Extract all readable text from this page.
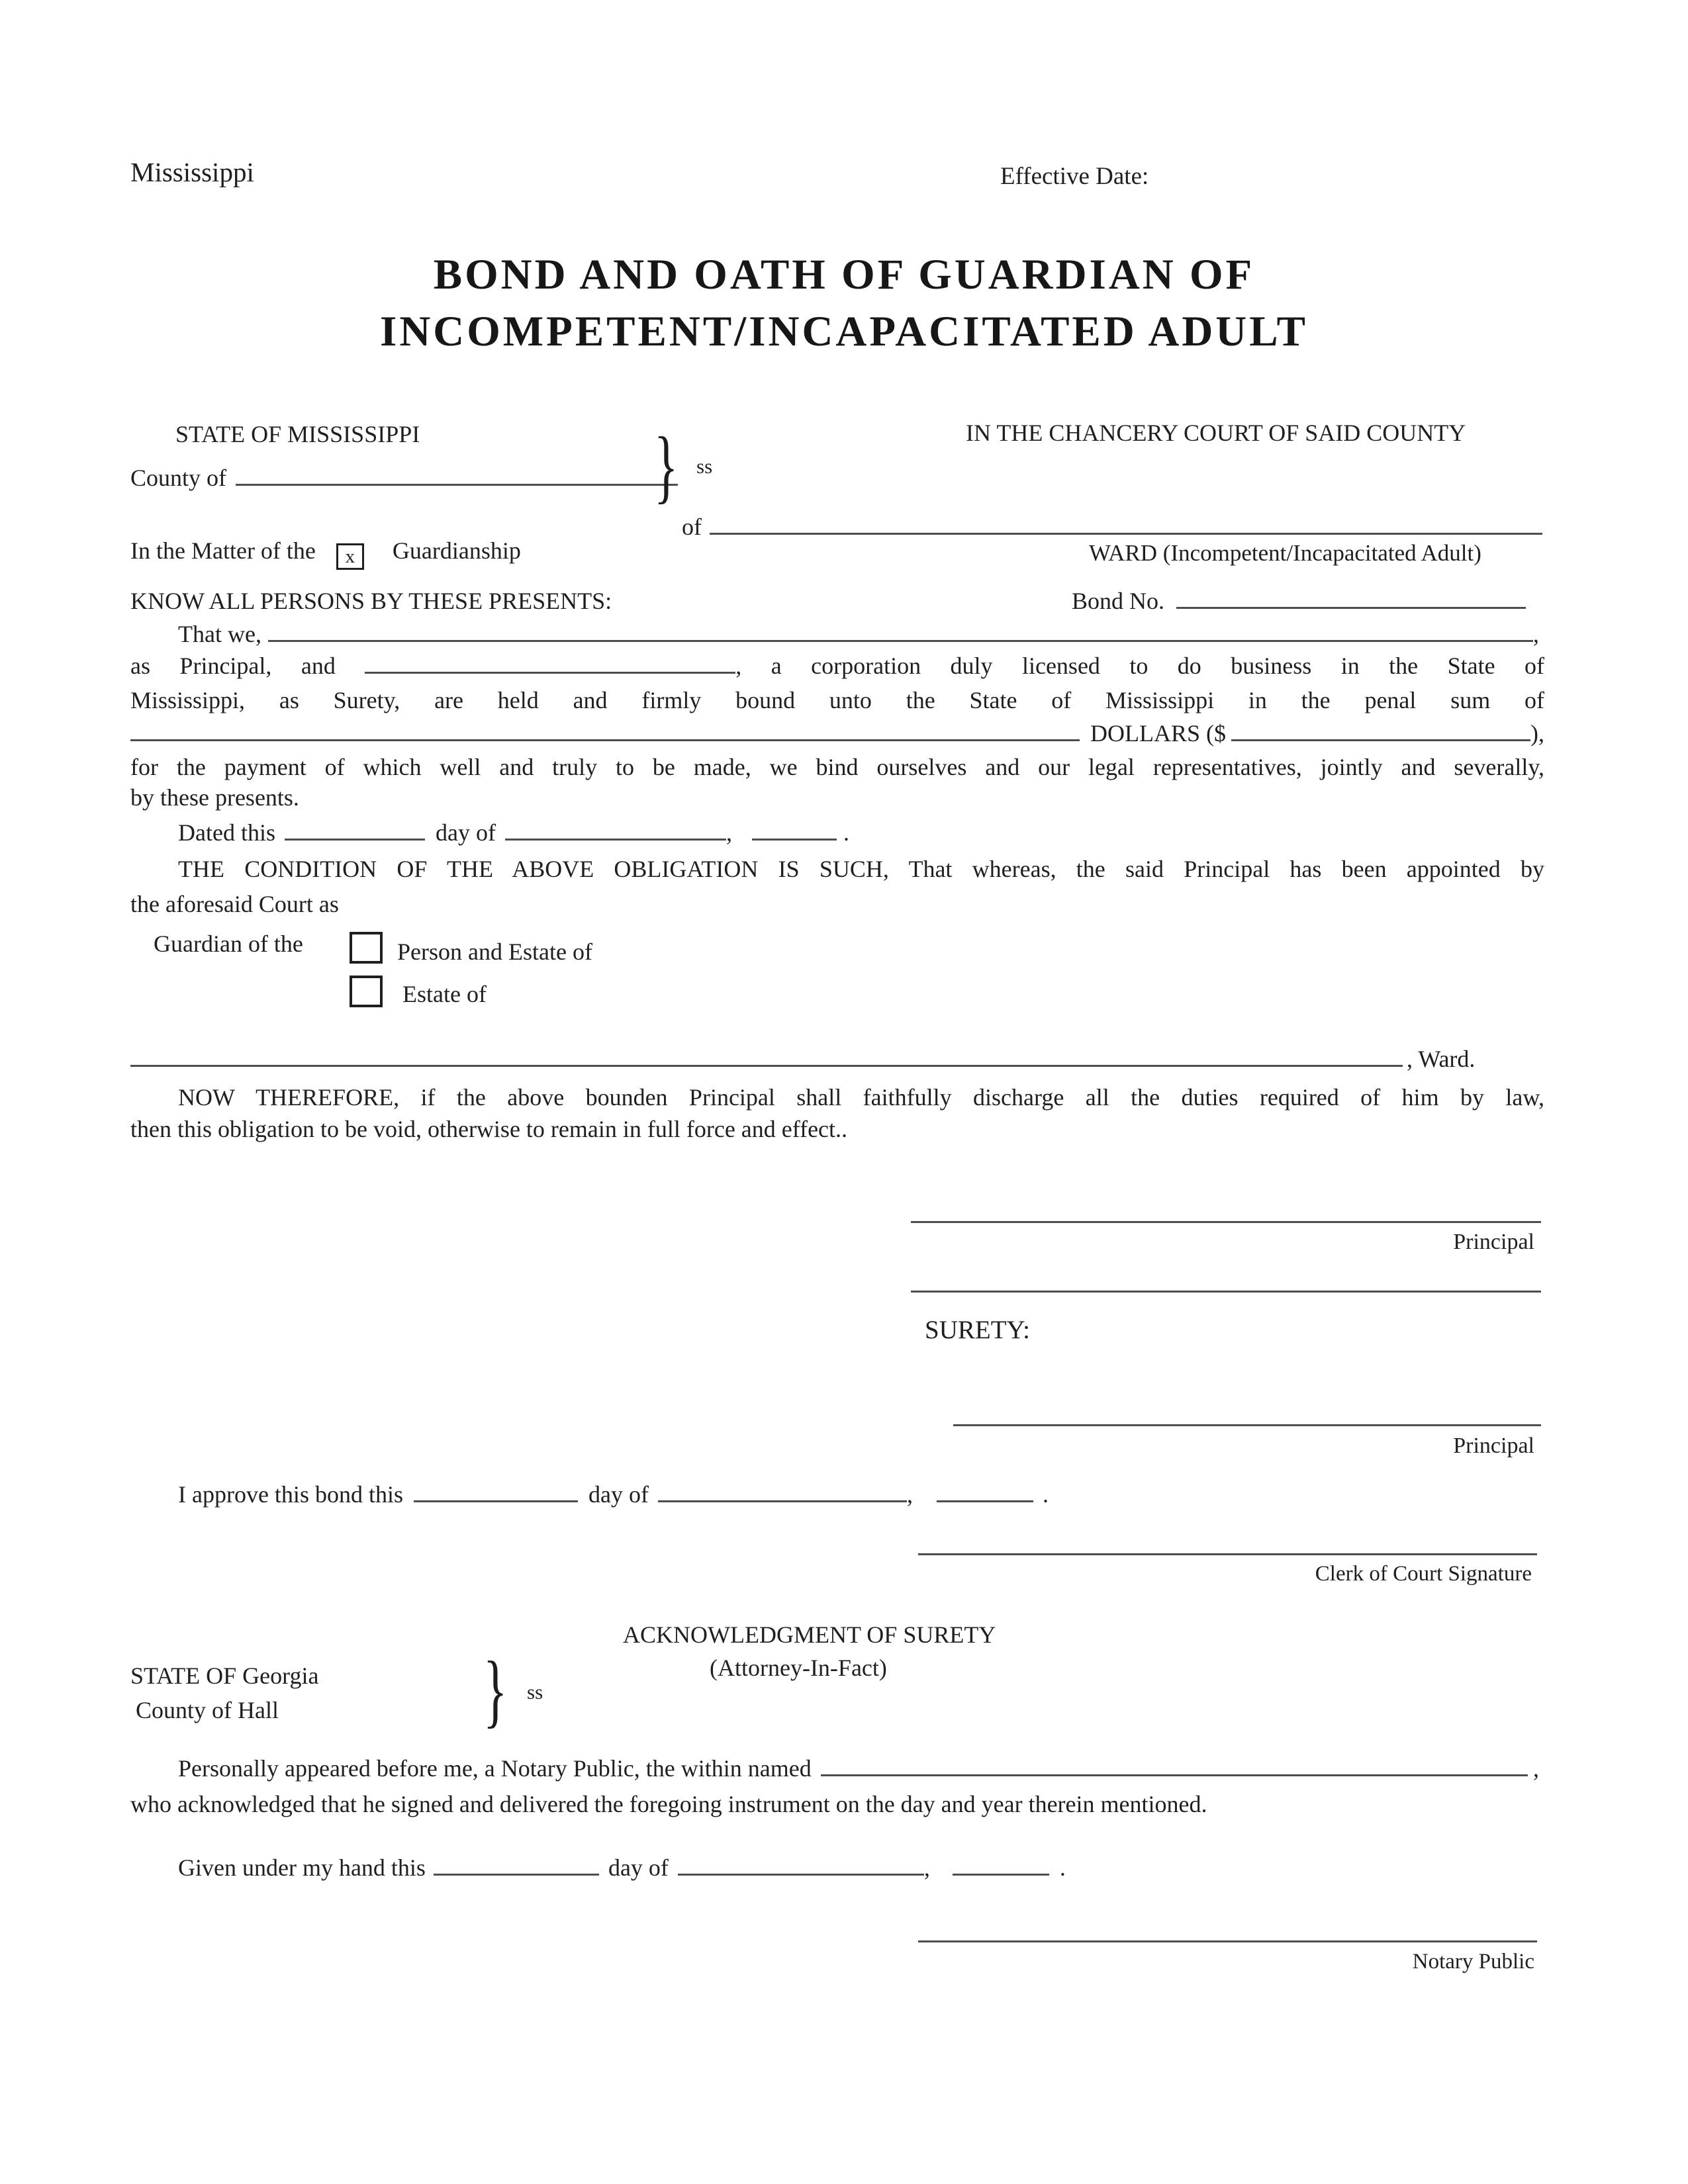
Mississippi	Effective Date:
BOND AND OATH OF GUARDIAN OF
INCOMPETENT/INCAPACITATED ADULT
STATE OF MISSISSIPPI	IN THE CHANCERY COURT OF SAID COUNTY
County of	} ss
of
WARD (Incompetent/Incapacitated Adult)
In the Matter of the x Guardianship
KNOW ALL PERSONS BY THESE PRESENTS:	Bond No.
That we,	,
as Principal, and	, a corporation duly licensed to do business in the State of
Mississippi, as Surety, are held and firmly bound unto the State of Mississippi in the penal sum of
DOLLARS ($	),
for the payment of which well and truly to be made, we bind ourselves and our legal representatives, jointly and severally,
by these presents.
Dated this	day of	,	.
THE CONDITION OF THE ABOVE OBLIGATION IS SUCH, That whereas, the said Principal has been appointed by
the aforesaid Court as
Guardian of the	Person and Estate of
Estate of
, Ward.
NOW THEREFORE, if the above bounden Principal shall faithfully discharge all the duties required of him by law,
then this obligation to be void, otherwise to remain in full force and effect..
Principal
SURETY:
Principal
I approve this bond this	day of	,	.
Clerk of Court Signature
ACKNOWLEDGMENT OF SURETY
(Attorney-In-Fact)
STATE OF Georgia
County of Hall	} ss
Personally appeared before me, a Notary Public, the within named	,
who acknowledged that he signed and delivered the foregoing instrument on the day and year therein mentioned.
Given under my hand this	day of	,	.
Notary Public
